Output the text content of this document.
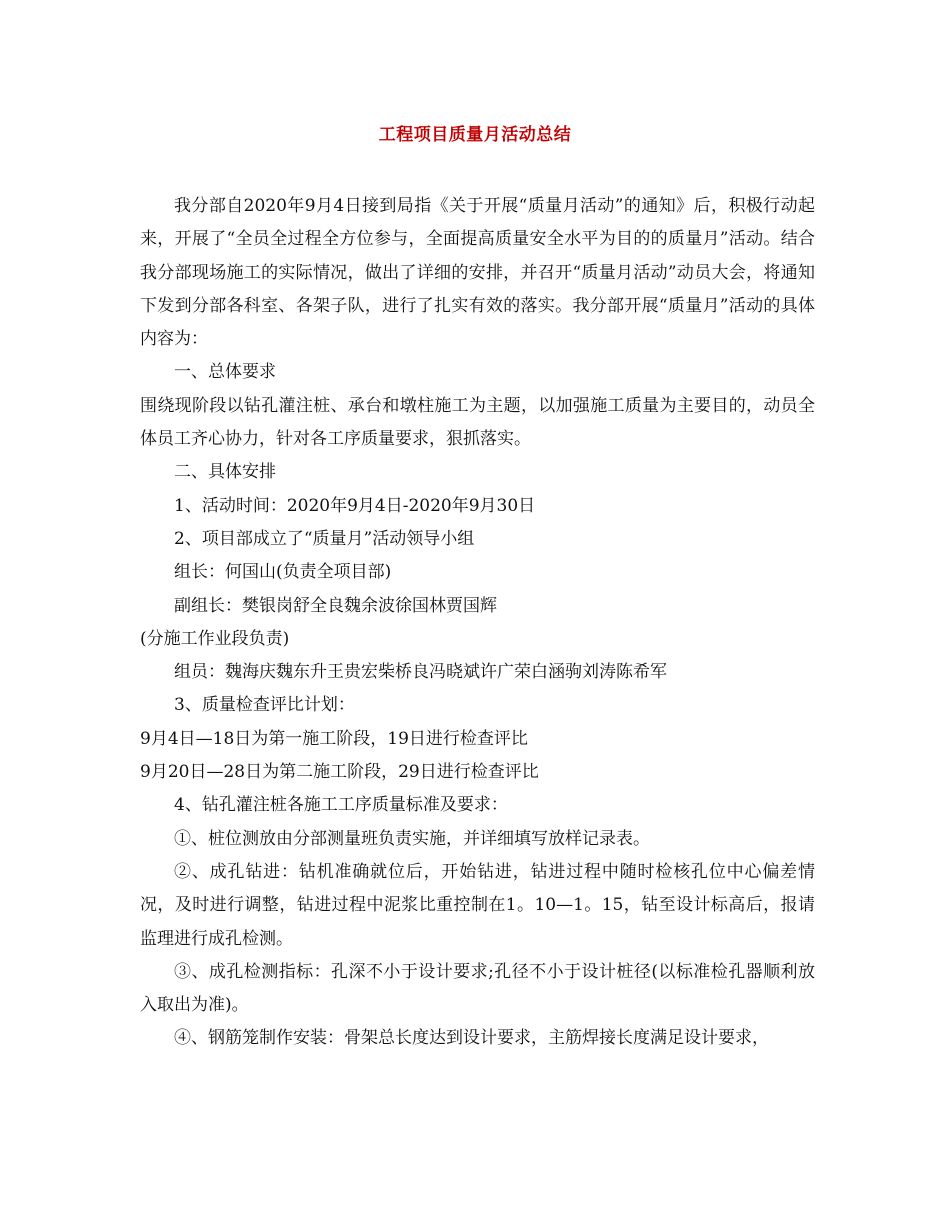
工程项目质量月活动总结

我分部自2020年9月4日接到局指《关于开展“质量月活动”的通知》后，积极行动起来，开展了“全员全过程全方位参与，全面提高质量安全水平为目的的质量月”活动。结合我分部现场施工的实际情况，做出了详细的安排，并召开“质量月活动”动员大会，将通知下发到分部各科室、各架子队，进行了扎实有效的落实。我分部开展“质量月”活动的具体内容为：

一、总体要求

围绕现阶段以钻孔灌注桩、承台和墩柱施工为主题，以加强施工质量为主要目的，动员全体员工齐心协力，针对各工序质量要求，狠抓落实。

二、具体安排

1、活动时间：2020年9月4日-2020年9月30日

2、项目部成立了“质量月”活动领导小组

组长：何国山(负责全项目部)

副组长：樊银岗舒全良魏余波徐国林贾国辉

(分施工作业段负责)

组员：魏海庆魏东升王贵宏柴桥良冯晓斌许广荣白涵驹刘涛陈希军

3、质量检查评比计划：

9月4日—18日为第一施工阶段，19日进行检查评比

9月20日—28日为第二施工阶段，29日进行检查评比

4、钻孔灌注桩各施工工序质量标准及要求：

①、桩位测放由分部测量班负责实施，并详细填写放样记录表。

②、成孔钻进：钻机准确就位后，开始钻进，钻进过程中随时检核孔位中心偏差情况，及时进行调整，钻进过程中泥浆比重控制在1。10—1。15，钻至设计标高后，报请监理进行成孔检测。

③、成孔检测指标：孔深不小于设计要求;孔径不小于设计桩径(以标准检孔器顺利放入取出为准)。

④、钢筋笼制作安装：骨架总长度达到设计要求，主筋焊接长度满足设计要求，
